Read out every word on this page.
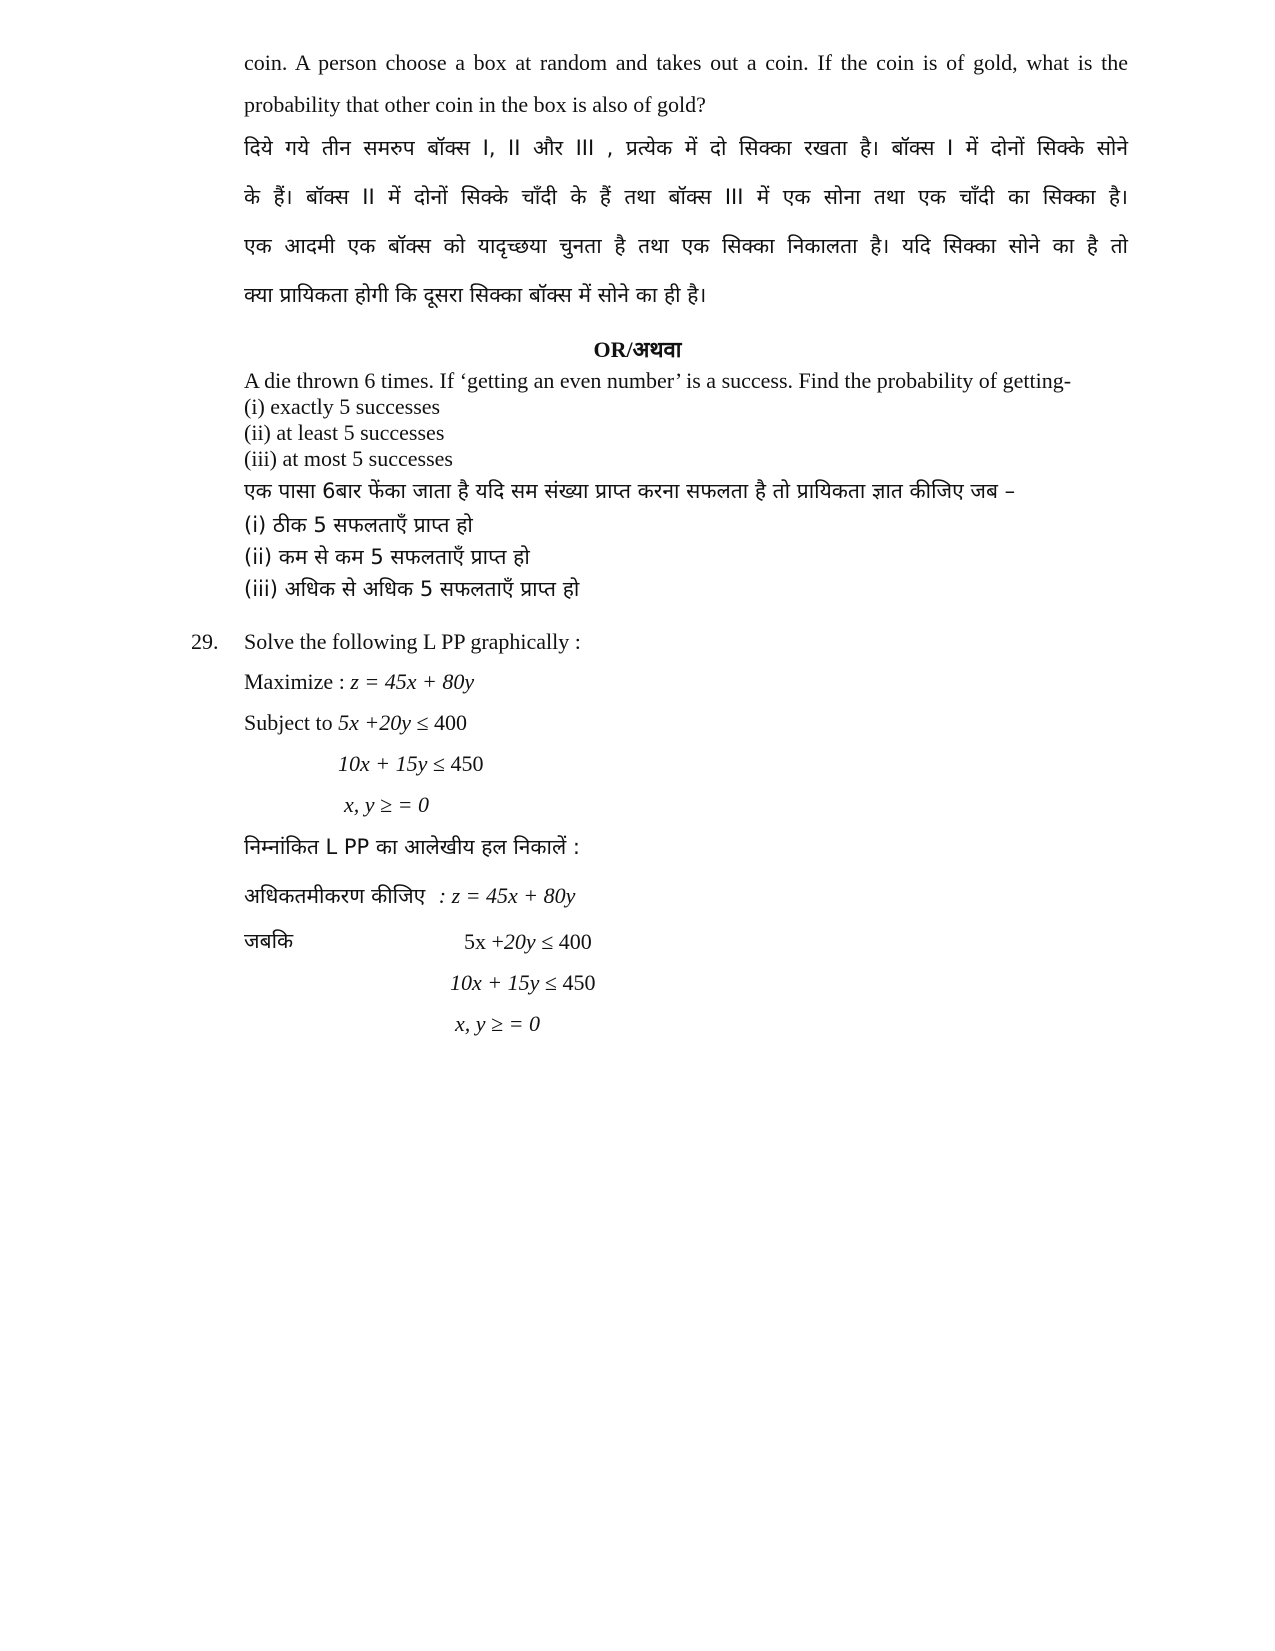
coin. A person choose a box at random and takes out a coin. If the coin is of gold, what is the
probability that other coin in the box is also of gold?
दिये गये तीन समरुप बॉक्स I, II और III , प्रत्येक में दो सिक्का रखता है। बॉक्स I में दोनों सिक्के सोने
के हैं। बॉक्स II में दोनों सिक्के चाँदी के हैं तथा बॉक्स III में एक सोना तथा एक चाँदी का सिक्का है।
एक आदमी एक बॉक्स को यादृच्छया चुनता है तथा एक सिक्का निकालता है। यदि सिक्का सोने का है तो
क्या प्रायिकता होगी कि दूसरा सिक्का बॉक्स में सोने का ही है।
OR/अथवा
A die thrown 6 times. If ‘getting an even number’ is a success. Find the probability of getting-
(i) exactly 5 successes
(ii) at least 5 successes
(iii) at most 5 successes
एक पासा 6बार फेंका जाता है यदि सम संख्या प्राप्त करना सफलता है तो प्रायिकता ज्ञात कीजिए जब –
(i) ठीक 5 सफलताएँ प्राप्त हो
(ii) कम से कम 5 सफलताएँ प्राप्त हो
(iii) अधिक से अधिक 5 सफलताएँ प्राप्त हो
29. Solve the following L PP graphically :
Maximize : z = 45x + 80y
Subject to 5x +20y ≤ 400
10x + 15y ≤ 450
x, y ≥ = 0
निम्नांकित L PP का आलेखीय हल निकालें :
अधिकतमीकरण कीजिए : z = 45x + 80y
जबकि	5x +20y ≤ 400
10x + 15y ≤ 450
x, y ≥ = 0
